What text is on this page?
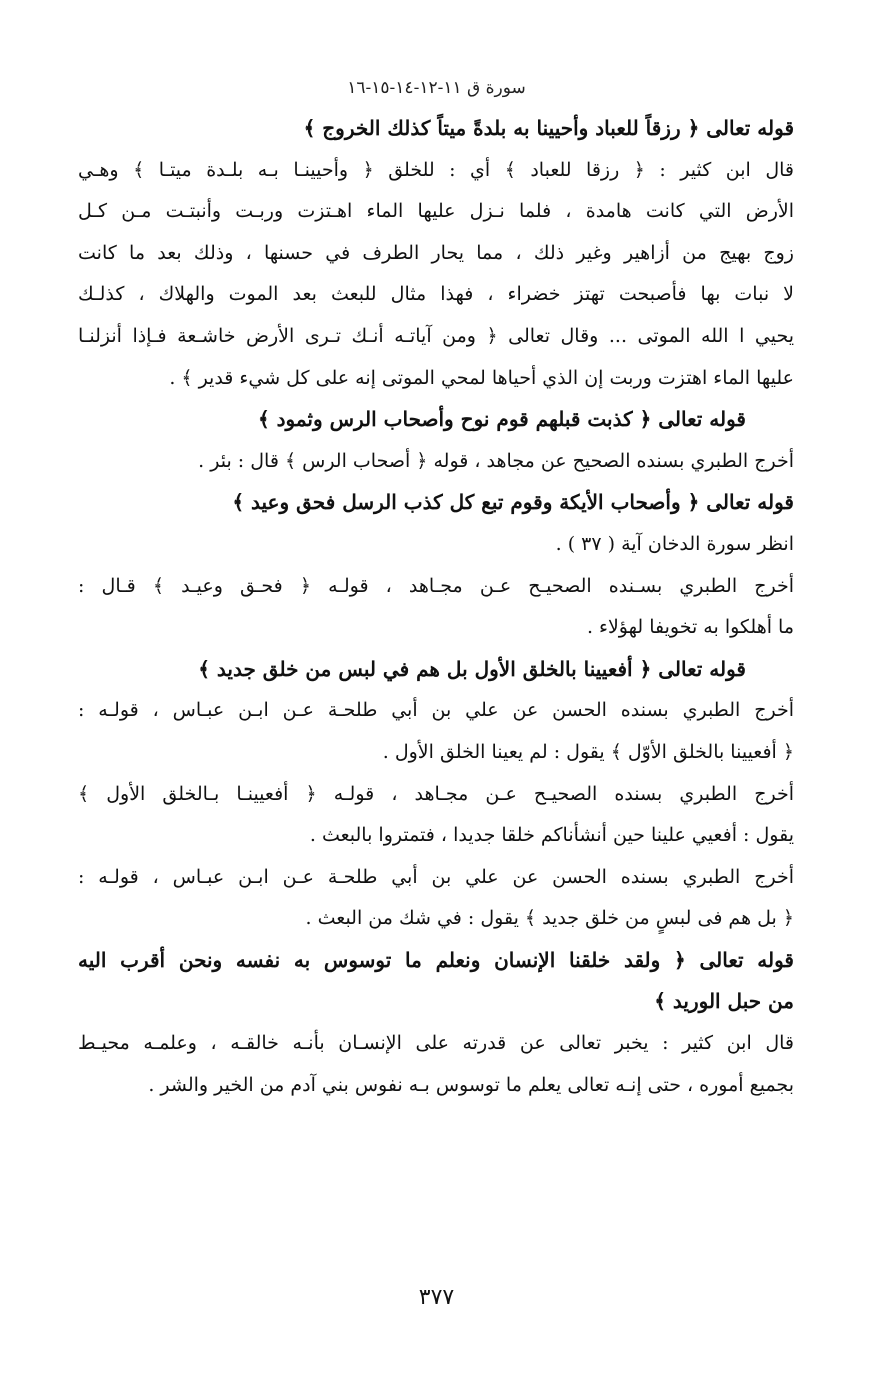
سورة ق ١١-١٢-١٤-١٥-١٦
قوله تعالى ﴿ رزقاً للعباد وأحيينا به بلدةً ميتاً كذلك الخروج ﴾
قال ابن كثير : ﴿ رزقا للعباد ﴾ أي : للخلق ﴿ وأحيينـا بـه بلـدة ميتـا ﴾ وهـي
الأرض التي كانت هامدة ، فلما نـزل عليها الماء اهـتزت وربـت وأنبتـت مـن كـل
زوج بهيج من أزاهير وغير ذلك ، مما يحار الطرف في حسنها ، وذلك بعد ما كانت
لا نبات بها فأصبحت تهتز خضراء ، فهذا مثال للبعث بعد الموت والهلاك ، كذلـك
يحيي ا الله الموتى ... وقال تعالى ﴿ ومن آياتـه أنـك تـرى الأرض خاشـعة فـإذا أنزلنـا
عليها الماء اهتزت وربت إن الذي أحياها لمحي الموتى إنه على كل شيء قدير ﴾ .
قوله تعالى ﴿ كذبت قبلهم قوم نوح وأصحاب الرس وثمود ﴾
أخرج الطبري بسنده الصحيح عن مجاهد ، قوله ﴿ أصحاب الرس ﴾ قال : بئر .
قوله تعالى ﴿ وأصحاب الأيكة وقوم تبع كل كذب الرسل فحق وعيد ﴾
انظر سورة الدخان آية ( ٣٧ ) .
أخرج الطبري بسـنده الصحيـح عـن مجـاهد ، قولـه ﴿ فحـق وعيـد ﴾ قـال :
ما أهلكوا به تخويفا لهؤلاء .
قوله تعالى ﴿ أفعيينا بالخلق الأول بل هم في لبس من خلق جديد ﴾
أخرج الطبري بسنده الحسن عن علي بن أبي طلحـة عـن ابـن عبـاس ، قولـه :
﴿ أفعيينا بالخلق الأوّل ﴾ يقول : لم يعينا الخلق الأول .
أخرج الطبري بسنده الصحيـح عـن مجـاهد ، قولـه ﴿ أفعيينـا بـالخلق الأول ﴾
يقول : أفعيي علينا حين أنشأناكم خلقا جديدا ، فتمتروا بالبعث .
أخرج الطبري بسنده الحسن عن علي بن أبي طلحـة عـن ابـن عبـاس ، قولـه :
﴿ بل هم فى لبسٍ من خلق جديد ﴾ يقول : في شك من البعث .
قوله تعالى ﴿ ولقد خلقنا الإنسان ونعلم ما توسوس به نفسه ونحن أقرب اليه
من حبل الوريد ﴾
قال ابن كثير : يخبر تعالى عن قدرته على الإنسـان بأنـه خالقـه ، وعلمـه محيـط
بجميع أموره ، حتى إنـه تعالى يعلم ما توسوس بـه نفوس بني آدم من الخير والشر .
٣٧٧
